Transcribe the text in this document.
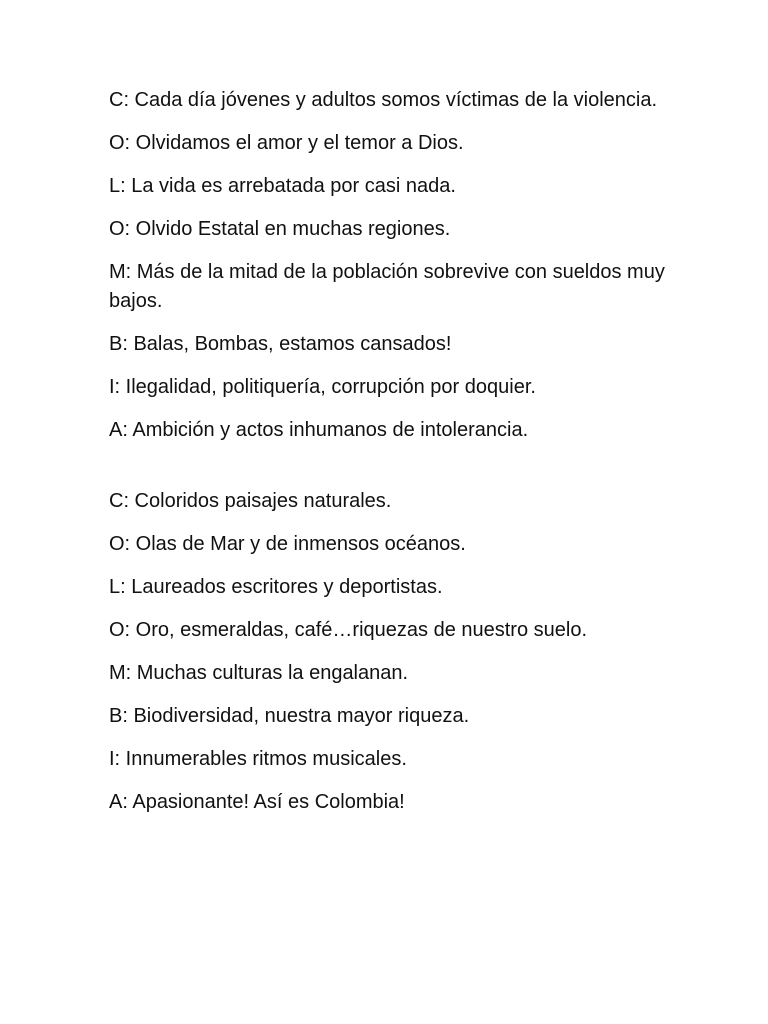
C: Cada día jóvenes y adultos somos víctimas de la violencia.

O: Olvidamos el amor y el temor a Dios.

L: La vida es arrebatada por casi nada.

O: Olvido Estatal en muchas regiones.

M: Más de la mitad de la población sobrevive con sueldos muy bajos.

B: Balas, Bombas, estamos cansados!

I: Ilegalidad, politiquería, corrupción por doquier.

A: Ambición y actos inhumanos de intolerancia.

C: Coloridos paisajes naturales.

O: Olas de Mar y de inmensos océanos.

L: Laureados escritores y deportistas.

O: Oro, esmeraldas, café…riquezas de nuestro suelo.

M: Muchas culturas la engalanan.

B: Biodiversidad, nuestra mayor riqueza.

I: Innumerables ritmos musicales.

A: Apasionante! Así es Colombia!
